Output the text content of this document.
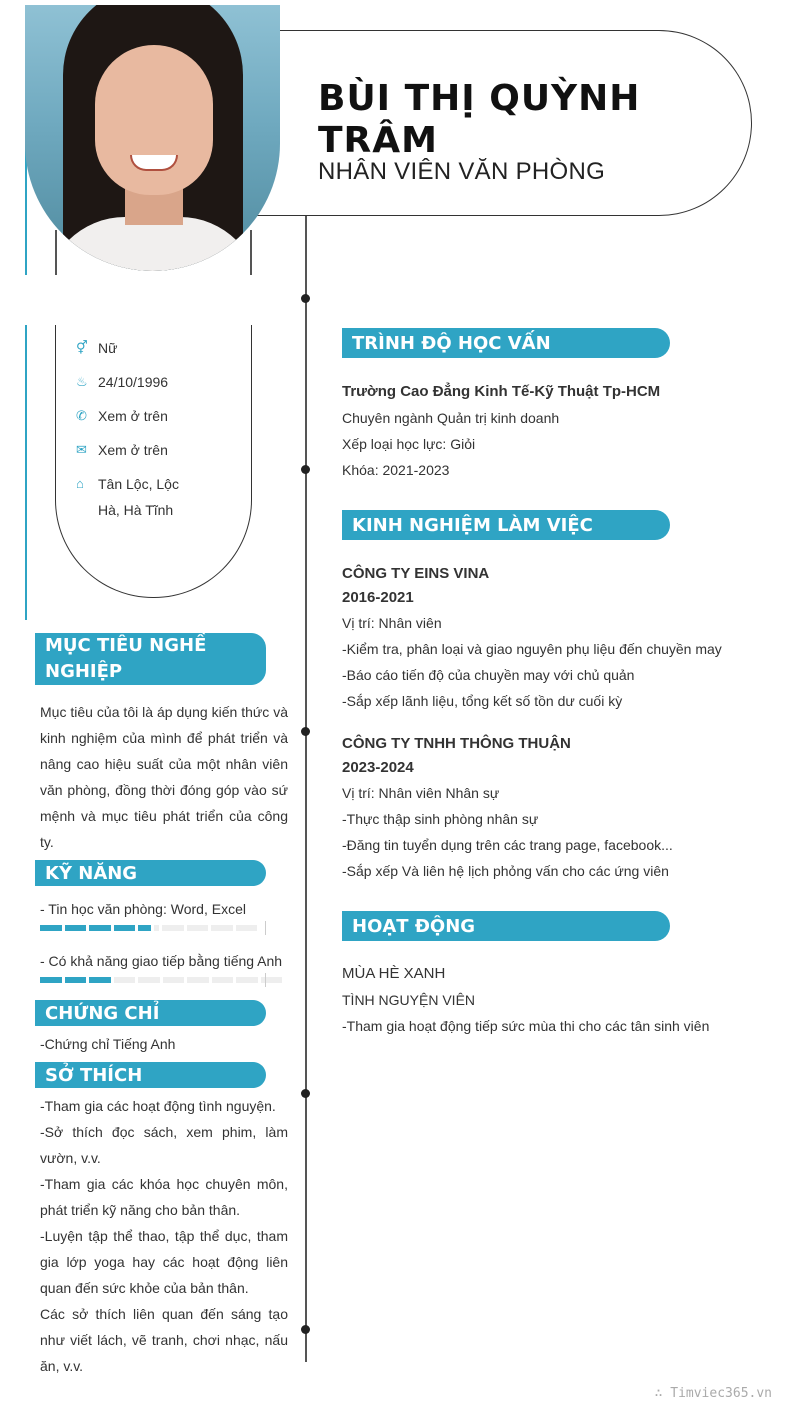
BÙI THỊ QUỲNH
TRÂM
NHÂN VIÊN VĂN PHÒNG
⚥ Nữ
♨ 24/10/1996
✆ Xem ở trên
✉ Xem ở trên
⌂	Tân Lộc, Lộc
Hà, Hà Tĩnh
MỤC TIÊU NGHỀ
NGHIỆP
Mục tiêu của tôi là áp dụng kiến thức và kinh nghiệm của mình để phát triển và nâng cao hiệu suất của một nhân viên văn phòng, đồng thời đóng góp vào sứ mệnh và mục tiêu phát triển của công ty.
KỸ NĂNG
- Tin học văn phòng: Word, Excel
- Có khả năng giao tiếp bằng tiếng Anh
CHỨNG CHỈ
-Chứng chỉ Tiếng Anh
SỞ THÍCH
-Tham gia các hoạt động tình nguyện.
-Sở thích đọc sách, xem phim, làm vườn, v.v.
-Tham gia các khóa học chuyên môn, phát triển kỹ năng cho bản thân.
-Luyện tập thể thao, tập thể dục, tham gia lớp yoga hay các hoạt động liên quan đến sức khỏe của bản thân.
Các sở thích liên quan đến sáng tạo như viết lách, vẽ tranh, chơi nhạc, nấu ăn, v.v.
TRÌNH ĐỘ HỌC VẤN
Trường Cao Đẳng Kinh Tế-Kỹ Thuật Tp-HCM
Chuyên ngành Quản trị kinh doanh
Xếp loại học lực: Giỏi
Khóa: 2021-2023
KINH NGHIỆM LÀM VIỆC
CÔNG TY EINS VINA
2016-2021
Vị trí: Nhân viên
-Kiểm tra, phân loại và giao nguyên phụ liệu đến chuyền may
-Báo cáo tiến độ của chuyền may với chủ quản
-Sắp xếp lãnh liệu, tổng kết số tồn dư cuối kỳ
CÔNG TY TNHH THÔNG THUẬN
2023-2024
Vị trí: Nhân viên Nhân sự
-Thực thập sinh phòng nhân sự
-Đăng tin tuyển dụng trên các trang page, facebook...
-Sắp xếp Và liên hệ lịch phỏng vấn cho các ứng viên
HOẠT ĐỘNG
MÙA HÈ XANH
TÌNH NGUYỆN VIÊN
-Tham gia hoạt động tiếp sức mùa thi cho các tân sinh viên
∴ Timviec365.vn
